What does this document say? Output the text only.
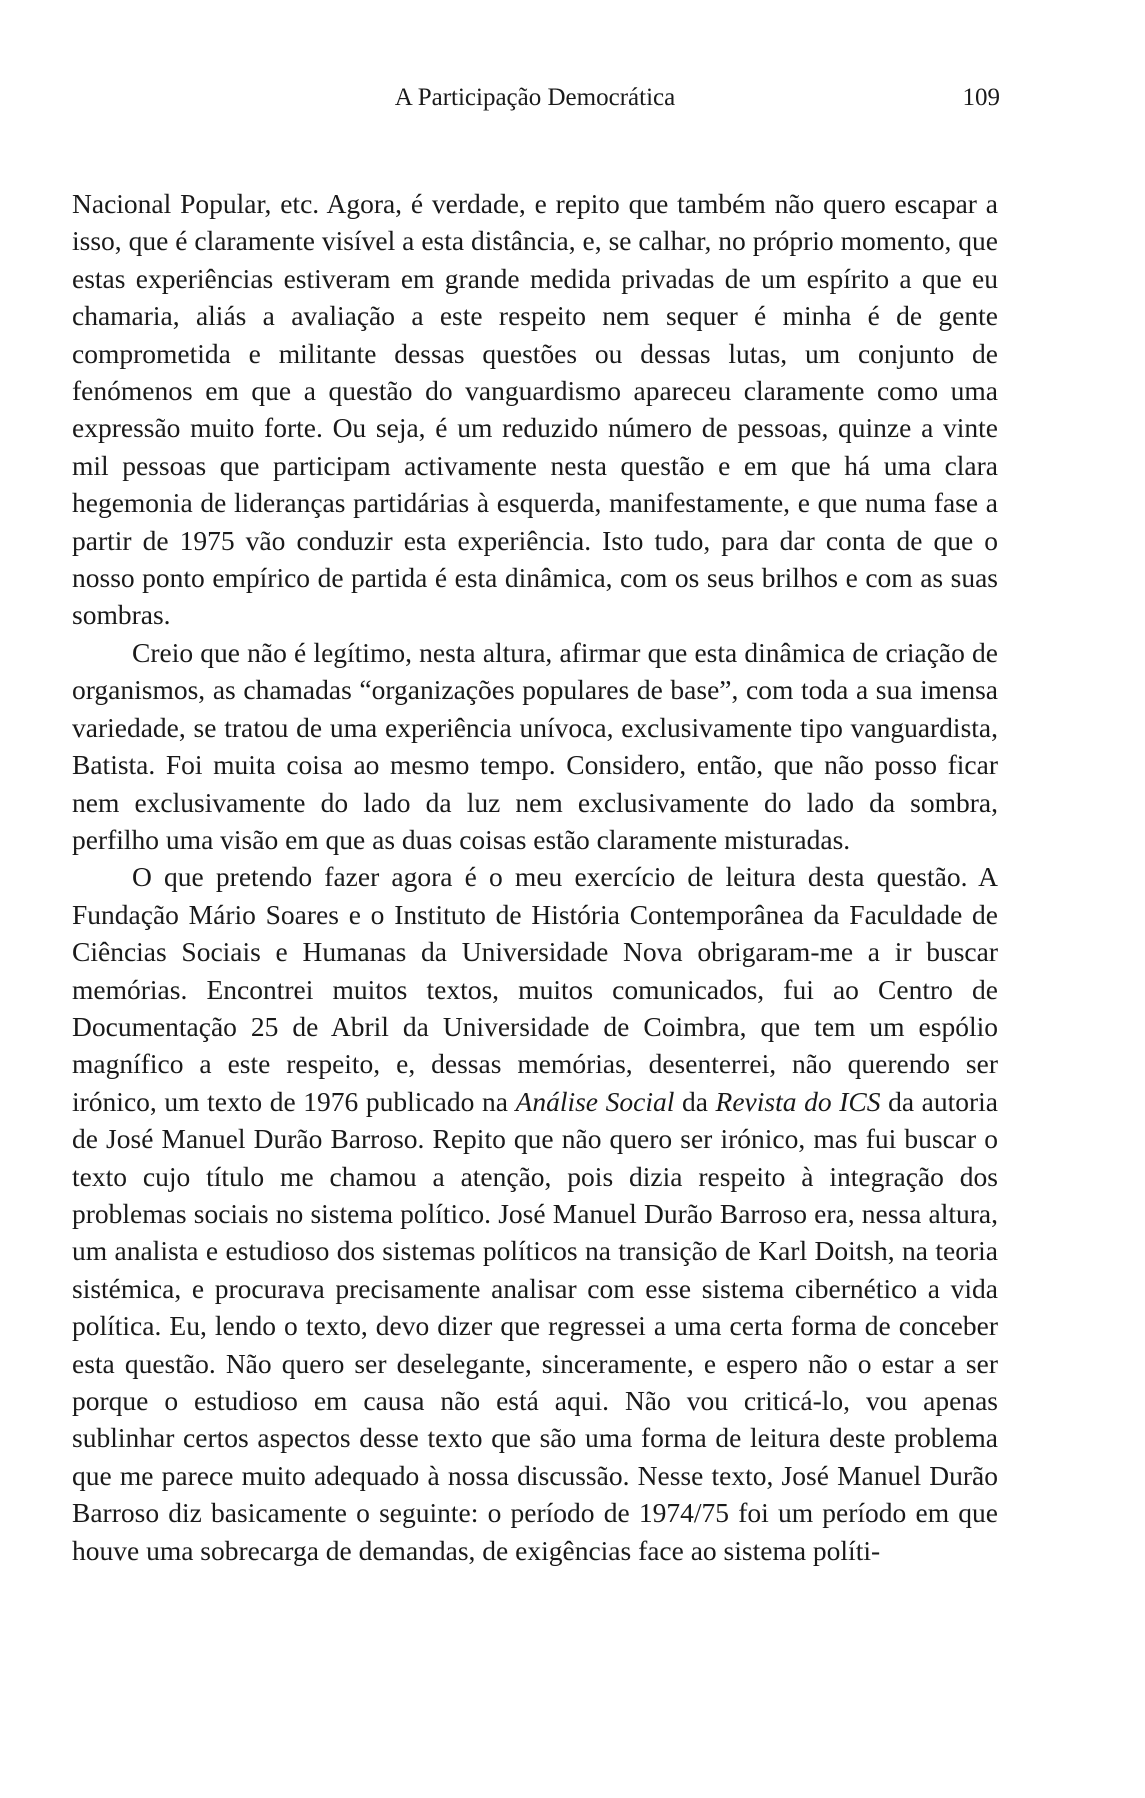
A Participação Democrática	109

Nacional Popular, etc. Agora, é verdade, e repito que também não quero escapar a isso, que é claramente visível a esta distância, e, se calhar, no próprio momento, que estas experiências estiveram em grande medida privadas de um espírito a que eu chamaria, aliás a avaliação a este respeito nem sequer é minha é de gente comprometida e militante dessas questões ou dessas lutas, um conjunto de fenómenos em que a questão do vanguardismo apareceu claramente como uma expressão muito forte. Ou seja, é um reduzido número de pessoas, quinze a vinte mil pessoas que participam activamente nesta questão e em que há uma clara hegemonia de lideranças partidárias à esquerda, manifestamente, e que numa fase a partir de 1975 vão conduzir esta experiência. Isto tudo, para dar conta de que o nosso ponto empírico de partida é esta dinâmica, com os seus brilhos e com as suas sombras.

Creio que não é legítimo, nesta altura, afirmar que esta dinâmica de criação de organismos, as chamadas “organizações populares de base”, com toda a sua imensa variedade, se tratou de uma experiência unívoca, exclusivamente tipo vanguardista, Batista. Foi muita coisa ao mesmo tempo. Considero, então, que não posso ficar nem exclusivamente do lado da luz nem exclusivamente do lado da sombra, perfilho uma visão em que as duas coisas estão claramente misturadas.

O que pretendo fazer agora é o meu exercício de leitura desta questão. A Fundação Mário Soares e o Instituto de História Contemporânea da Faculdade de Ciências Sociais e Humanas da Universidade Nova obrigaram-me a ir buscar memórias. Encontrei muitos textos, muitos comunicados, fui ao Centro de Documentação 25 de Abril da Universidade de Coimbra, que tem um espólio magnífico a este respeito, e, dessas memórias, desenterrei, não querendo ser irónico, um texto de 1976 publicado na Análise Social da Revista do ICS da autoria de José Manuel Durão Barroso. Repito que não quero ser irónico, mas fui buscar o texto cujo título me chamou a atenção, pois dizia respeito à integração dos problemas sociais no sistema político. José Manuel Durão Barroso era, nessa altura, um analista e estudioso dos sistemas políticos na transição de Karl Doitsh, na teoria sistémica, e procurava precisamente analisar com esse sistema cibernético a vida política. Eu, lendo o texto, devo dizer que regressei a uma certa forma de conceber esta questão. Não quero ser deselegante, sinceramente, e espero não o estar a ser porque o estudioso em causa não está aqui. Não vou criticá-lo, vou apenas sublinhar certos aspectos desse texto que são uma forma de leitura deste problema que me parece muito adequado à nossa discussão. Nesse texto, José Manuel Durão Barroso diz basicamente o seguinte: o período de 1974/75 foi um período em que houve uma sobrecarga de demandas, de exigências face ao sistema políti-
